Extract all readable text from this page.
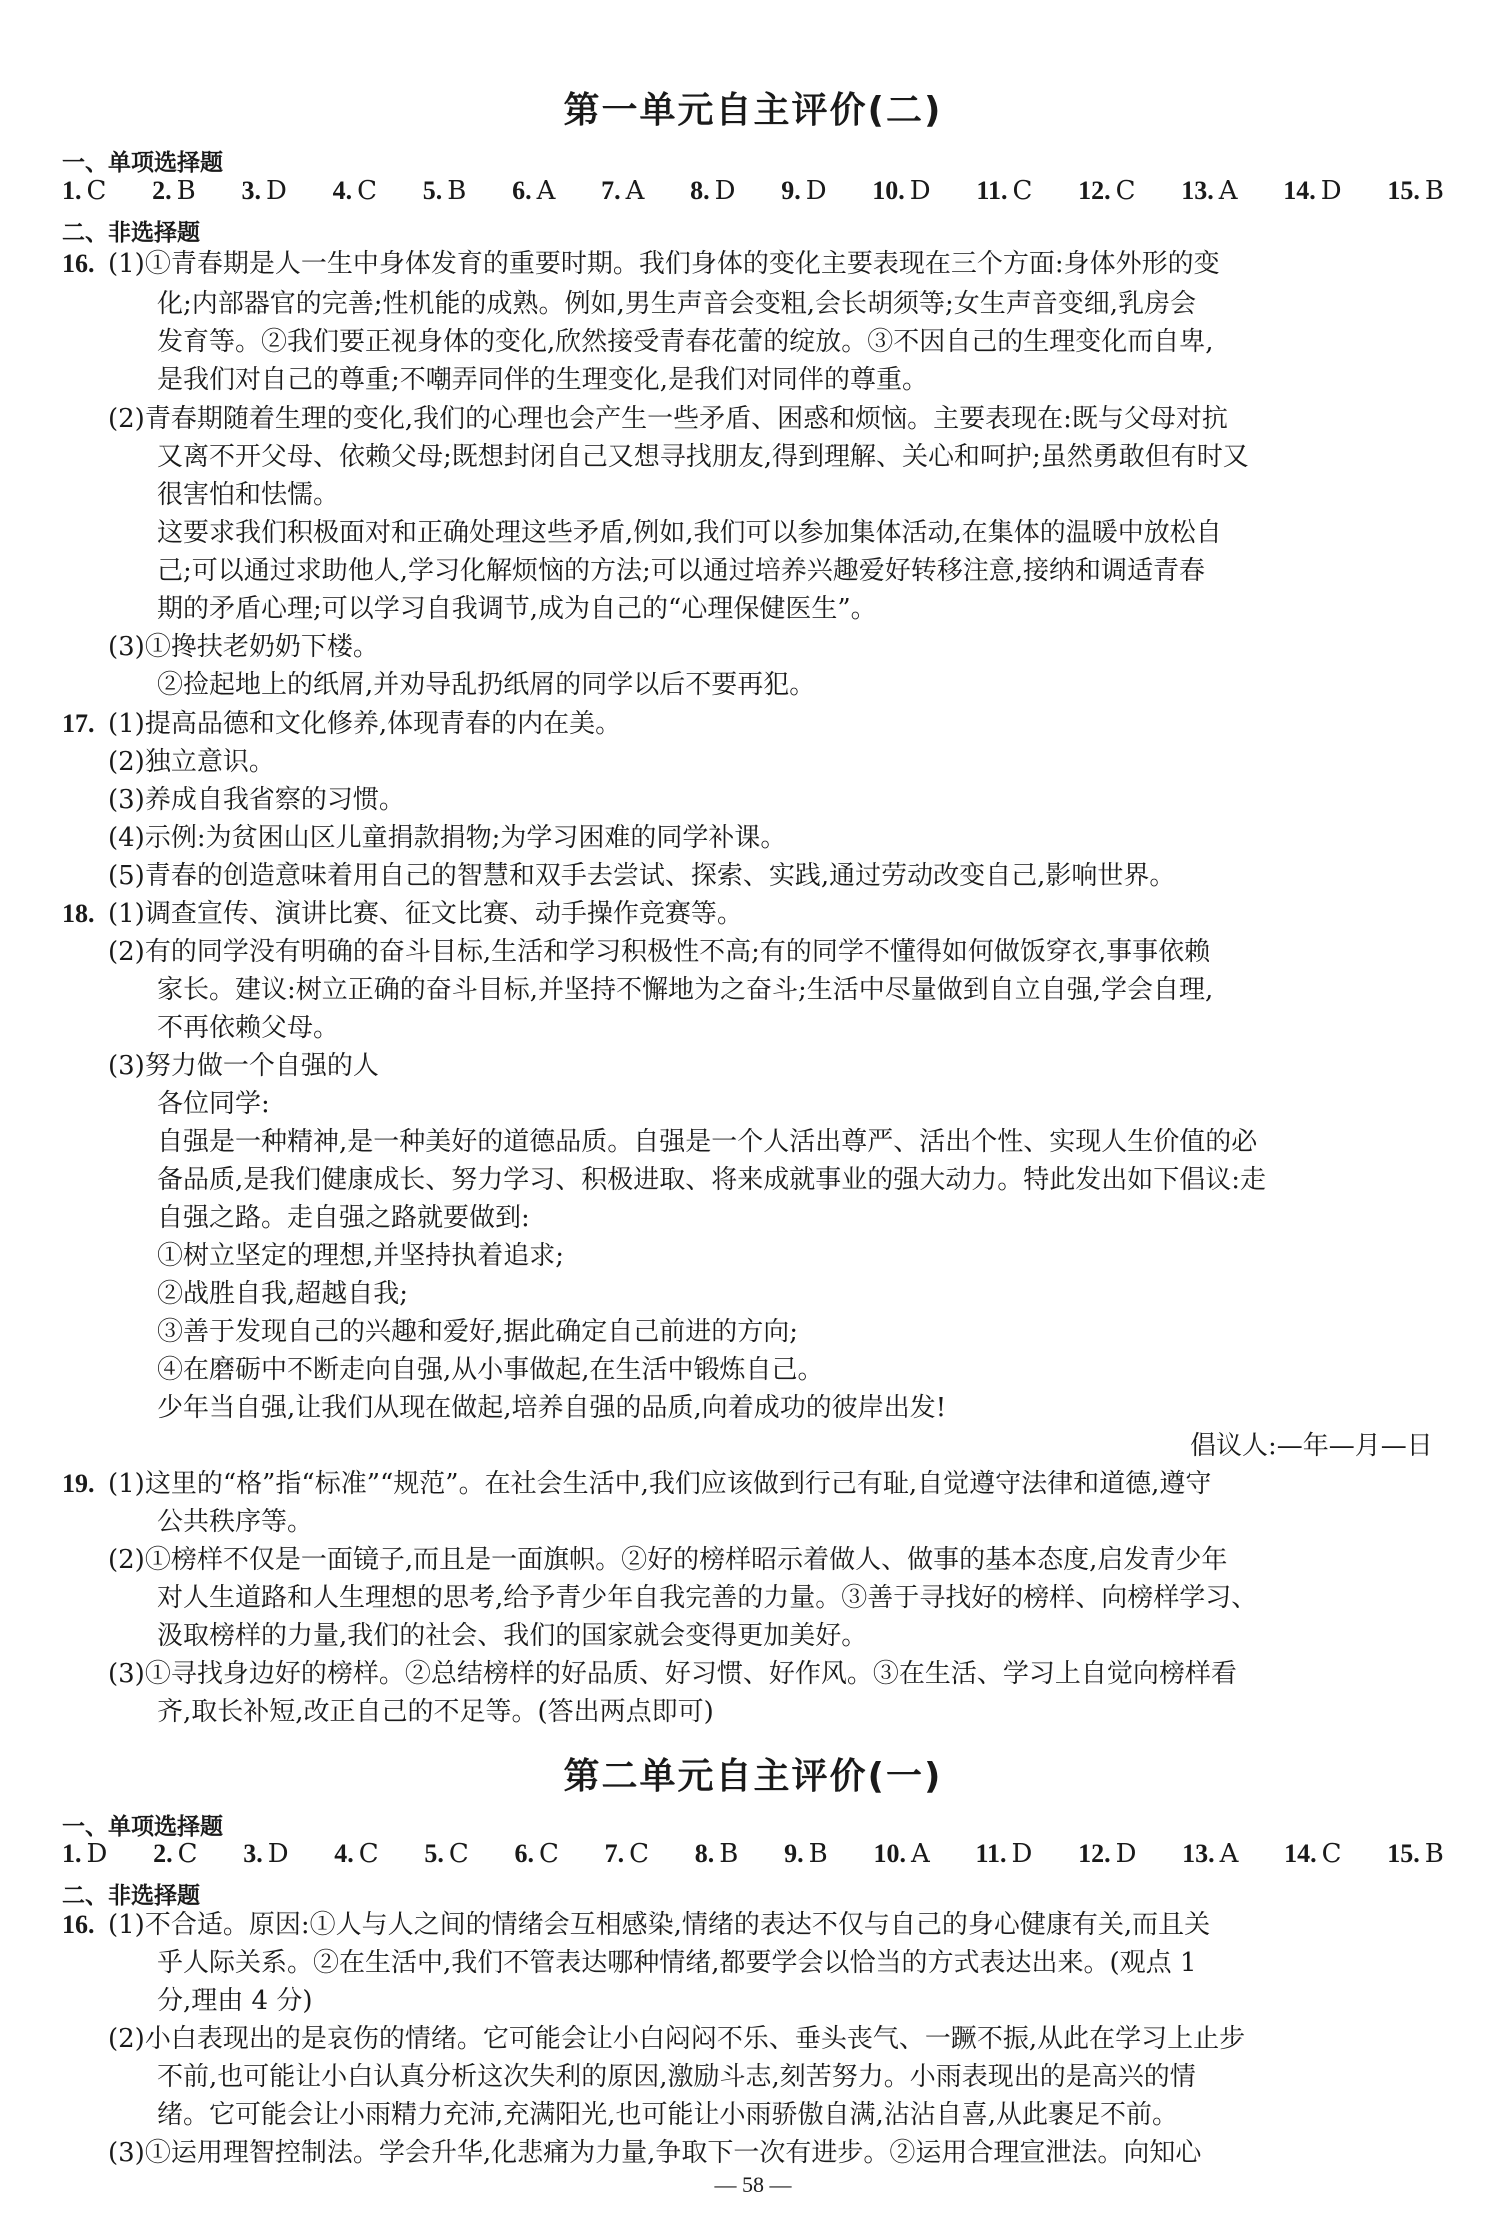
第一单元自主评价(二)
一、单项选择题
1. C 2. B 3. D 4. C 5. B 6. A 7. A 8. D 9. D 10. D 11. C 12. C 13. A 14. D 15. B
二、非选择题
16. (1)①青春期是人一生中身体发育的重要时期。我们身体的变化主要表现在三个方面:身体外形的变
化;内部器官的完善;性机能的成熟。例如,男生声音会变粗,会长胡须等;女生声音变细,乳房会
发育等。②我们要正视身体的变化,欣然接受青春花蕾的绽放。③不因自己的生理变化而自卑,
是我们对自己的尊重;不嘲弄同伴的生理变化,是我们对同伴的尊重。
(2)青春期随着生理的变化,我们的心理也会产生一些矛盾、困惑和烦恼。主要表现在:既与父母对抗
又离不开父母、依赖父母;既想封闭自己又想寻找朋友,得到理解、关心和呵护;虽然勇敢但有时又
很害怕和怯懦。
这要求我们积极面对和正确处理这些矛盾,例如,我们可以参加集体活动,在集体的温暖中放松自
己;可以通过求助他人,学习化解烦恼的方法;可以通过培养兴趣爱好转移注意,接纳和调适青春
期的矛盾心理;可以学习自我调节,成为自己的“心理保健医生”。
(3)①搀扶老奶奶下楼。
②捡起地上的纸屑,并劝导乱扔纸屑的同学以后不要再犯。
17. (1)提高品德和文化修养,体现青春的内在美。
(2)独立意识。
(3)养成自我省察的习惯。
(4)示例:为贫困山区儿童捐款捐物;为学习困难的同学补课。
(5)青春的创造意味着用自己的智慧和双手去尝试、探索、实践,通过劳动改变自己,影响世界。
18. (1)调查宣传、演讲比赛、征文比赛、动手操作竞赛等。
(2)有的同学没有明确的奋斗目标,生活和学习积极性不高;有的同学不懂得如何做饭穿衣,事事依赖
家长。建议:树立正确的奋斗目标,并坚持不懈地为之奋斗;生活中尽量做到自立自强,学会自理,
不再依赖父母。
(3)努力做一个自强的人
各位同学:
自强是一种精神,是一种美好的道德品质。自强是一个人活出尊严、活出个性、实现人生价值的必
备品质,是我们健康成长、努力学习、积极进取、将来成就事业的强大动力。特此发出如下倡议:走
自强之路。走自强之路就要做到:
①树立坚定的理想,并坚持执着追求;
②战胜自我,超越自我;
③善于发现自己的兴趣和爱好,据此确定自己前进的方向;
④在磨砺中不断走向自强,从小事做起,在生活中锻炼自己。
少年当自强,让我们从现在做起,培养自强的品质,向着成功的彼岸出发!
倡议人:—年—月—日
19. (1)这里的“格”指“标准”“规范”。在社会生活中,我们应该做到行己有耻,自觉遵守法律和道德,遵守
公共秩序等。
(2)①榜样不仅是一面镜子,而且是一面旗帜。②好的榜样昭示着做人、做事的基本态度,启发青少年
对人生道路和人生理想的思考,给予青少年自我完善的力量。③善于寻找好的榜样、向榜样学习、
汲取榜样的力量,我们的社会、我们的国家就会变得更加美好。
(3)①寻找身边好的榜样。②总结榜样的好品质、好习惯、好作风。③在生活、学习上自觉向榜样看
齐,取长补短,改正自己的不足等。(答出两点即可)
第二单元自主评价(一)
一、单项选择题
1. D 2. C 3. D 4. C 5. C 6. C 7. C 8. B 9. B 10. A 11. D 12. D 13. A 14. C 15. B
二、非选择题
16. (1)不合适。原因:①人与人之间的情绪会互相感染,情绪的表达不仅与自己的身心健康有关,而且关
乎人际关系。②在生活中,我们不管表达哪种情绪,都要学会以恰当的方式表达出来。(观点 1
分,理由 4 分)
(2)小白表现出的是哀伤的情绪。它可能会让小白闷闷不乐、垂头丧气、一蹶不振,从此在学习上止步
不前,也可能让小白认真分析这次失利的原因,激励斗志,刻苦努力。小雨表现出的是高兴的情
绪。它可能会让小雨精力充沛,充满阳光,也可能让小雨骄傲自满,沾沾自喜,从此裹足不前。
(3)①运用理智控制法。学会升华,化悲痛为力量,争取下一次有进步。②运用合理宣泄法。向知心
— 58 —
